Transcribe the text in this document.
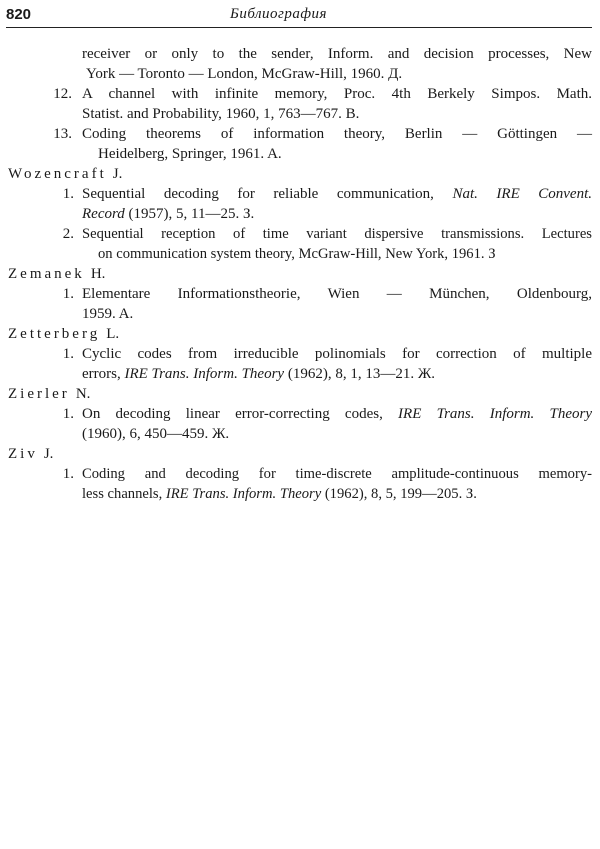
820	Библиография
receiver or only to the sender, Inform. and decision processes, New
York — Toronto — London, McGraw-Hill, 1960. Д.
12. A channel with infinite memory, Proc. 4th Berkely Simpos. Math.
Statist. and Probability, 1960, 1, 763—767. B.
13. Coding theorems of information theory, Berlin — Göttingen —
Heidelberg, Springer, 1961. A.
Wozencraft J.
1. Sequential decoding for reliable communication, Nat. IRE Convent.
Record (1957), 5, 11—25. З.
2. Sequential reception of time variant dispersive transmissions. Lectures
on communication system theory, McGraw-Hill, New York, 1961. З
Zemanek H.
1. Elementare Informationstheorie, Wien — München, Oldenbourg,
1959. A.
Zetterberg L.
1. Cyclic codes from irreducible polinomials for correction of multiple
errors, IRE Trans. Inform. Theory (1962), 8, 1, 13—21. Ж.
Zierler N.
1. On decoding linear error-correcting codes, IRE Trans. Inform. Theory
(1960), 6, 450—459. Ж.
Ziv J.
1. Coding and decoding for time-discrete amplitude-continuous memory-
less channels, IRE Trans. Inform. Theory (1962), 8, 5, 199—205. З.
